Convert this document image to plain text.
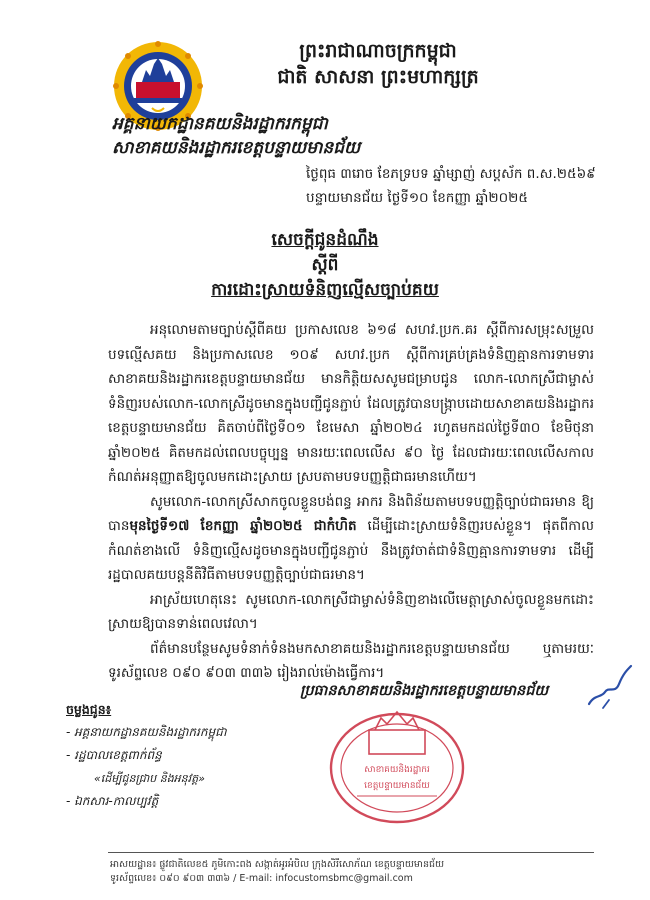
ព្រះរាជាណាចក្រកម្ពុជា
ជាតិ សាសនា ព្រះមហាក្សត្រ
អគ្គនាយកដ្ឋានគយនិងរដ្ឋាករកម្ពុជា
សាខាគយនិងរដ្ឋាករខេត្តបន្ទាយមានជ័យ
ថ្ងៃពុធ ៣រោច ខែភទ្របទ ឆ្នាំម្សាញ់ សប្តស័ក ព.ស.២៥៦៩
បន្ទាយមានជ័យ ថ្ងៃទី១០ ខែកញ្ញា ឆ្នាំ២០២៥
សេចក្តីជូនដំណឹង
ស្តីពី
ការដោះស្រាយទំនិញល្មើសច្បាប់គយ

អនុលោមតាមច្បាប់ស្តីពីគយ ប្រកាសលេខ ៦១៨ សហវ.ប្រក.គរ ស្តីពីការសម្រុះសម្រួលបទល្មើសគយ និងប្រកាសលេខ ១០៩ សហវ.ប្រក ស្តីពីការគ្រប់គ្រងទំនិញគ្មានការទាមទារ សាខាគយនិងរដ្ឋាករខេត្តបន្ទាយមានជ័យ មានកិត្តិយសសូមជម្រាបជូន លោក-លោកស្រីជាម្ចាស់ទំនិញរបស់លោក-លោកស្រីដូចមានក្នុងបញ្ជីជូនភ្ជាប់ ដែលត្រូវបានបង្ក្រាបដោយសាខាគយនិងរដ្ឋាករខេត្តបន្ទាយមានជ័យ គិតចាប់ពីថ្ងៃទី០១ ខែមេសា ឆ្នាំ២០២៤ រហូតមកដល់ថ្ងៃទី៣០ ខែមិថុនា ឆ្នាំ២០២៥ គិតមកដល់ពេលបច្ចុប្បន្ន មានរយៈពេលលើស ៩០ ថ្ងៃ ដែលជារយៈពេលលើសកាលកំណត់អនុញ្ញាតឱ្យចូលមកដោះស្រាយ ស្របតាមបទបញ្ញត្តិជាធរមានហើយ។

សូមលោក-លោកស្រីសាកចូលខ្លួនបង់ពន្ធ អាករ និងពិន័យតាមបទបញ្ញត្តិច្បាប់ជាធរមាន ឱ្យបានមុនថ្ងៃទី១៧ ខែកញ្ញា ឆ្នាំ២០២៥ ជាកំហិត ដើម្បីដោះស្រាយទំនិញរបស់ខ្លួន។ ផុតពីកាលកំណត់ខាងលើ ទំនិញល្មើសដូចមានក្នុងបញ្ជីជូនភ្ជាប់ នឹងត្រូវចាត់ជាទំនិញគ្មានការទាមទារ ដើម្បីរដ្ឋបាលគយបន្តនីតិវិធីតាមបទបញ្ញត្តិច្បាប់ជាធរមាន។

អាស្រ័យហេតុនេះ សូមលោក-លោកស្រីជាម្ចាស់ទំនិញខាងលើមេត្តាស្រាស់ចូលខ្លួនមកដោះស្រាយឱ្យបានទាន់ពេលវេលា។

ព័ត៌មានបន្ថែមសូមទំនាក់ទំនងមកសាខាគយនិងរដ្ឋាករខេត្តបន្ទាយមានជ័យ ឬតាមរយៈទូរស័ព្ទលេខ ០៩០ ៩០៣ ៣៣៦ រៀងរាល់ម៉ោងធ្វើការ។

ប្រធានសាខាគយនិងរដ្ឋាករខេត្តបន្ទាយមានជ័យ
សាខាគយនិងរដ្ឋាករ
ខេត្តបន្ទាយមានជ័យ
ចម្លងជូន៖
- អគ្គនាយកដ្ឋានគយនិងរដ្ឋាករកម្ពុជា
- រដ្ឋបាលខេត្តពាក់ព័ន្ធ
«ដើម្បីជូនជ្រាប និងអនុវត្ត»
- ឯកសារ-កាលប្បវត្តិ
អាសយដ្ឋាន៖ ផ្លូវជាតិលេខ៥ ភូមិកោះពង សង្កាត់អូរអំបិល ក្រុងសិរីសោភ័ណ ខេត្តបន្ទាយមានជ័យ
ទូរស័ព្ទលេខ៖ ០៩០ ៩០៣ ៣៣៦ / E-mail: infocustomsbmc@gmail.com
